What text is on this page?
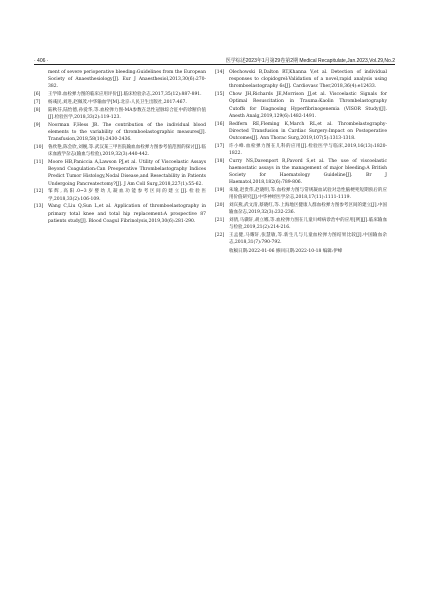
· 406 ·	医学综述2023年1月第29卷第2期 Medical Recapitulate,Jan.2023,Vol.29,No.2
ment of severe perioperative bleeding:Guidelines from the European Society of Anaesthesiology[J]. Eur J Anaesthesiol,2013,30(6):270-382.
[6]	王学锋.血栓弹力图的临床应用评价[J].临床检验杂志,2017,35(12):887-891.
[7]	杨彧民,刘进,赵佩茂.中华输血学[M].北京:人民卫生出版社,2017:467.
[8]	陆秋芬,陆怡德,孙爱华,等.血栓弹力图-MA参数在急性冠脉综合征中的诊断价值[J].检验医学,2018,33(2):119-123.
[9]	Noorman F,Hess JR. The contribution of the individual blood elements to the variability of thromboelastographic measures[J]. Transfusion,2018,58(10):2430-2436.
[10]	鲁欣艳,陈会欣,刘婉,等.武汉某三甲医院输血血栓弹力图参考值范围的探讨[J].临床血液学杂志(输血与检验),2019,32(3):440-442.
[11]	Moore HB,Paniccia A,Lawson PJ,et al. Utility of Viscoelastic Assays Beyond Coagulation:Can Preoperative Thrombelastography Indices Predict Tumor Histology,Nodal Disease,and Resectability in Patients Undergoing Pancreatectomy?[J]. J Am Coll Surg,2018,227(1):55-62.
[12]	邹辉,高阳.0~3岁婴幼儿凝血功能参考区间的建立[J].检验医学,2018,33(2):106-109.
[13]	Wang C,Liu Q,Sun L,et al. Application of thromboelastography in primary total knee and total hip replacement:A prospective 87 patients study[J]. Blood Coagul Fibrinolysis,2019,30(6):281-290.
[14]	Olechowski B,Dalton RT,Khanna V,et al. Detection of individual responses to clopidogrel:Validation of a novel,rapid analysis using thromboelastography 6s[J]. Cardiovasc Ther,2018,36(4):e12433.
[15]	Chow JH,Richards JE,Morrison JJ,et al. Viscoelastic Signals for Optimal Resuscitation in Trauma:Kaolin Thrombelastography Cutoffs for Diagnosing Hyperfibrinogenemia (VISOR Study)[J]. Anesth Analg,2019,129(6):1482-1491.
[16]	Redfern RE,Fleming K,March RL,et al. Thrombelastography-Directed Transfusion in Cardiac Surgery:Impact on Postoperative Outcomes[J]. Ann Thorac Surg,2019,107(5):1313-1318.
[17]	许小峰.血栓弹力图在儿科的应用[J].检验医学与临床,2019,16(13):1820-1822.
[18]	Curry NS,Davenport R,Pavord S,et al. The use of viscoelastic haemostatic assays in the management of major bleeding:A British Society for Haematology Guideline[J]. Br J Haematol,2018,182(6):789-806.
[19]	朱瑜,赵贵伟,赵晓明,等.血栓弹力图与常规凝血试验对急性脑梗死短期预后的应用价值研究[J].中华神经医学杂志,2018,17(11):1111-1119.
[20]	刘宾燕,武文清,蔡晓红,等.上海地区健康人群血栓弹力图参考区间的建立[J].中国输血杂志,2019,32(3):232-236.
[21]	刘倩,马骥轩,胡立娜,等.血栓弹力图在儿童川崎病诊治中的应用[例][J].临床输血与检验,2019,21(2):214-216.
[22]	王孟健,马耀轩,张慧敏,等.新生儿与儿童血栓弹力图结果比较[J].中国输血杂志,2018,31(7):790-792.
收稿日期:2022-01-06 修回日期:2022-10-18 编辑:伊峰
